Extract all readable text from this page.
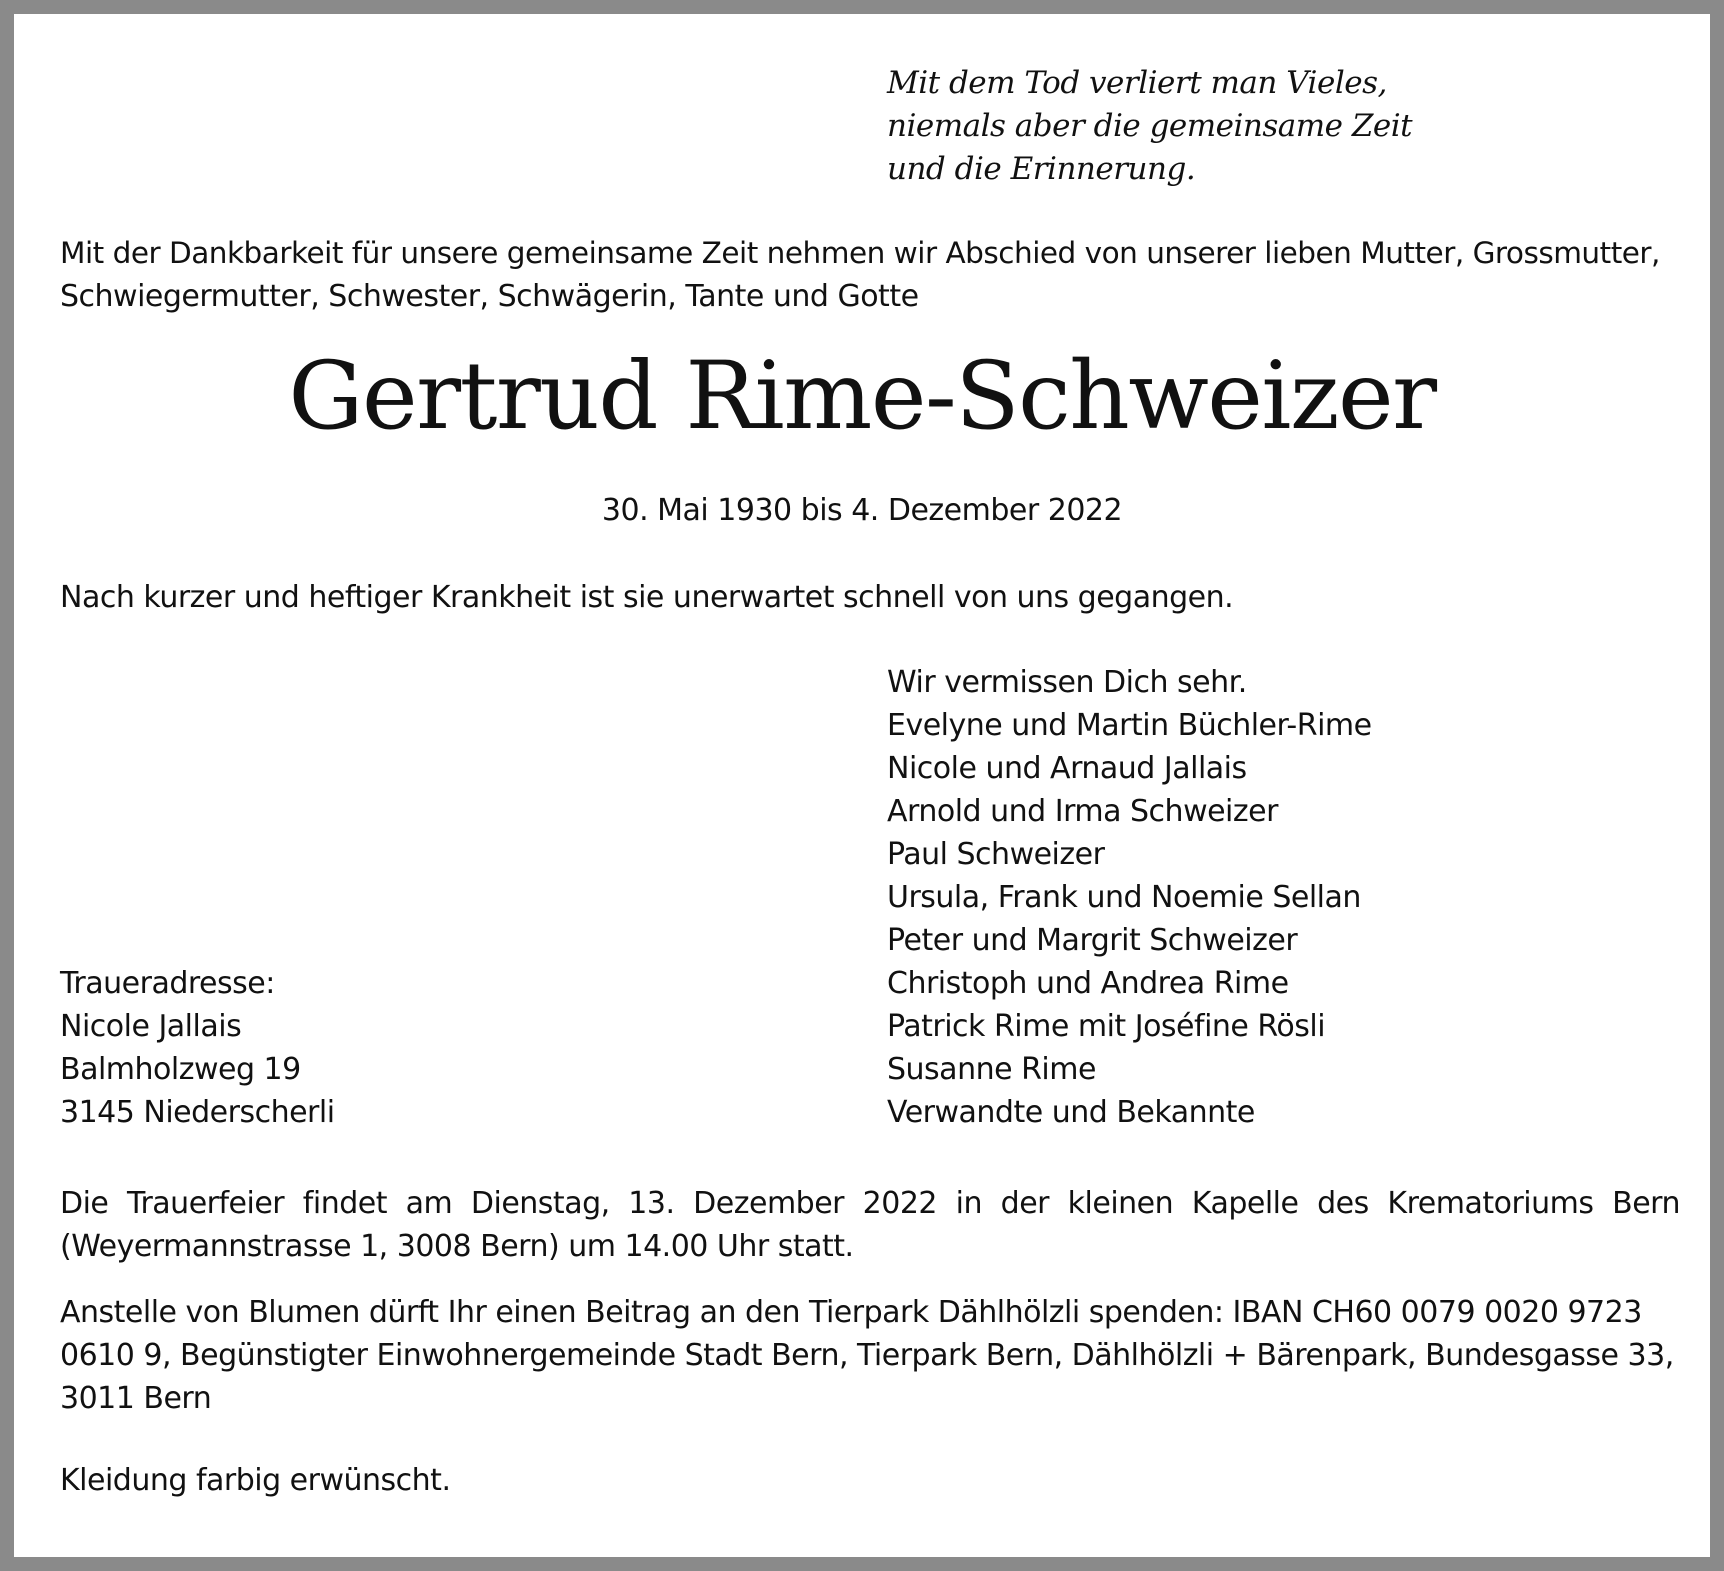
Mit dem Tod verliert man Vieles,
niemals aber die gemeinsame Zeit
und die Erinnerung.
Mit der Dankbarkeit für unsere gemeinsame Zeit nehmen wir Abschied von unserer lieben Mutter, Grossmutter,
Schwiegermutter, Schwester, Schwägerin, Tante und Gotte
Gertrud Rime-Schweizer
30. Mai 1930 bis 4. Dezember 2022
Nach kurzer und heftiger Krankheit ist sie unerwartet schnell von uns gegangen.
Wir vermissen Dich sehr.
Evelyne und Martin Büchler-Rime
Nicole und Arnaud Jallais
Arnold und Irma Schweizer
Paul Schweizer
Ursula, Frank und Noemie Sellan
Peter und Margrit Schweizer
Christoph und Andrea Rime
Patrick Rime mit Joséfine Rösli
Susanne Rime
Verwandte und Bekannte
Traueradresse:
Nicole Jallais
Balmholzweg 19
3145 Niederscherli
Die Trauerfeier findet am Dienstag, 13. Dezember 2022 in der kleinen Kapelle des Krematoriums Bern
(Weyermannstrasse 1, 3008 Bern) um 14.00 Uhr statt.
Anstelle von Blumen dürft Ihr einen Beitrag an den Tierpark Dählhölzli spenden: IBAN CH60 0079 0020 9723
0610 9, Begünstigter Einwohnergemeinde Stadt Bern, Tierpark Bern, Dählhölzli + Bärenpark, Bundesgasse 33,
3011 Bern
Kleidung farbig erwünscht.
